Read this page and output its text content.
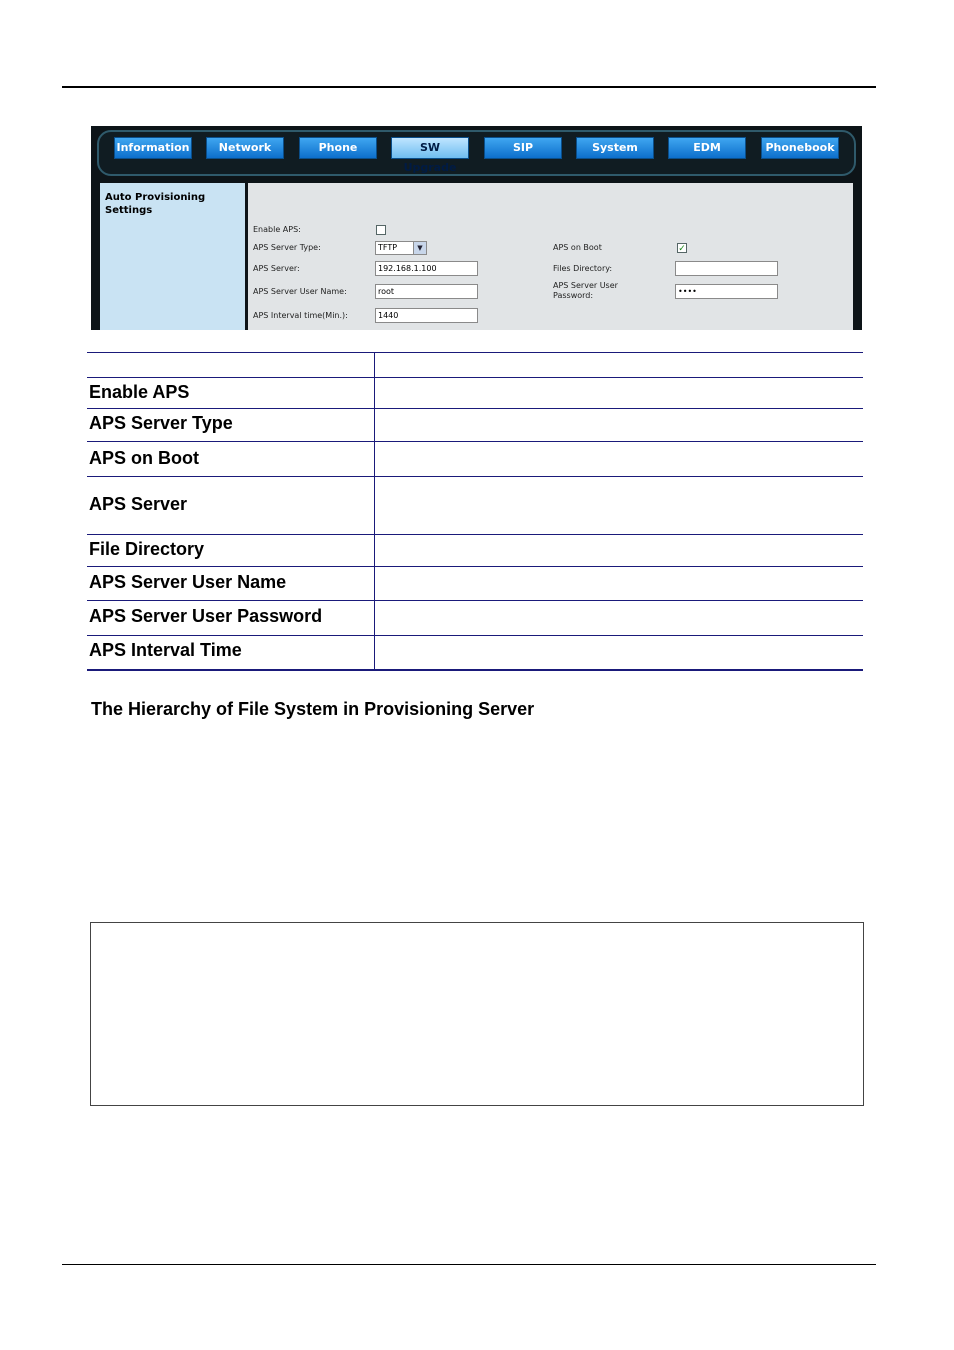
Information	Network	Phone	SW Upgrade
SIP	System	EDM	Phonebook
Auto Provisioning Settings
Enable APS:
APS Server Type:	TFTP	▼
APS Server:	192.168.1.100
APS Server User Name:	root
APS Interval time(Min.):	1440
APS on Boot	✓
Files Directory:
APS Server User Password:	••••
Enable APS
APS Server Type
APS on Boot
APS Server
File Directory
APS Server User Name
APS Server User Password
APS Interval Time
The Hierarchy of File System in Provisioning Server
